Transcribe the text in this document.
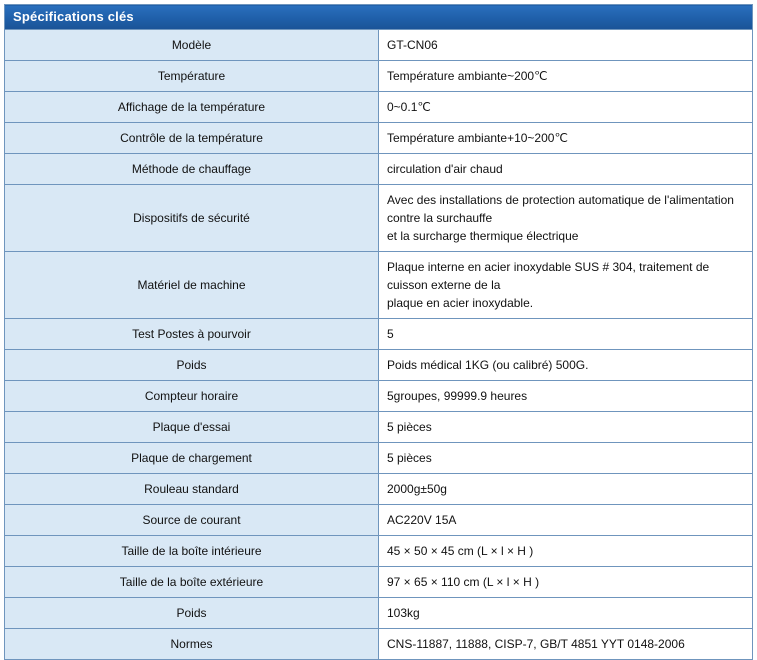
Spécifications clés	
Modèle	GT-CN06

Température	Température ambiante~200℃

Affichage de la température	0~0.1℃

Contrôle de la température	Température ambiante+10~200℃

Méthode de chauffage	circulation d'air chaud

Dispositifs de sécurité	Avec des installations de protection automatique de l'alimentation contre la surchauffe
et la surcharge thermique électrique

Matériel de machine	Plaque interne en acier inoxydable SUS # 304, traitement de cuisson externe de la
plaque en acier inoxydable.

Test Postes à pourvoir	5

Poids	Poids médical 1KG (ou calibré) 500G.

Compteur horaire	5groupes, 99999.9 heures

Plaque d'essai	5 pièces

Plaque de chargement	5 pièces

Rouleau standard	2000g±50g

Source de courant	AC220V 15A

Taille de la boîte intérieure	45 × 50 × 45 cm (L × l × H )

Taille de la boîte extérieure	97 × 65 × 110 cm (L × l × H )

Poids	103kg

Normes	CNS-11887, 11888, CISP-7, GB/T 4851 YYT 0148-2006
